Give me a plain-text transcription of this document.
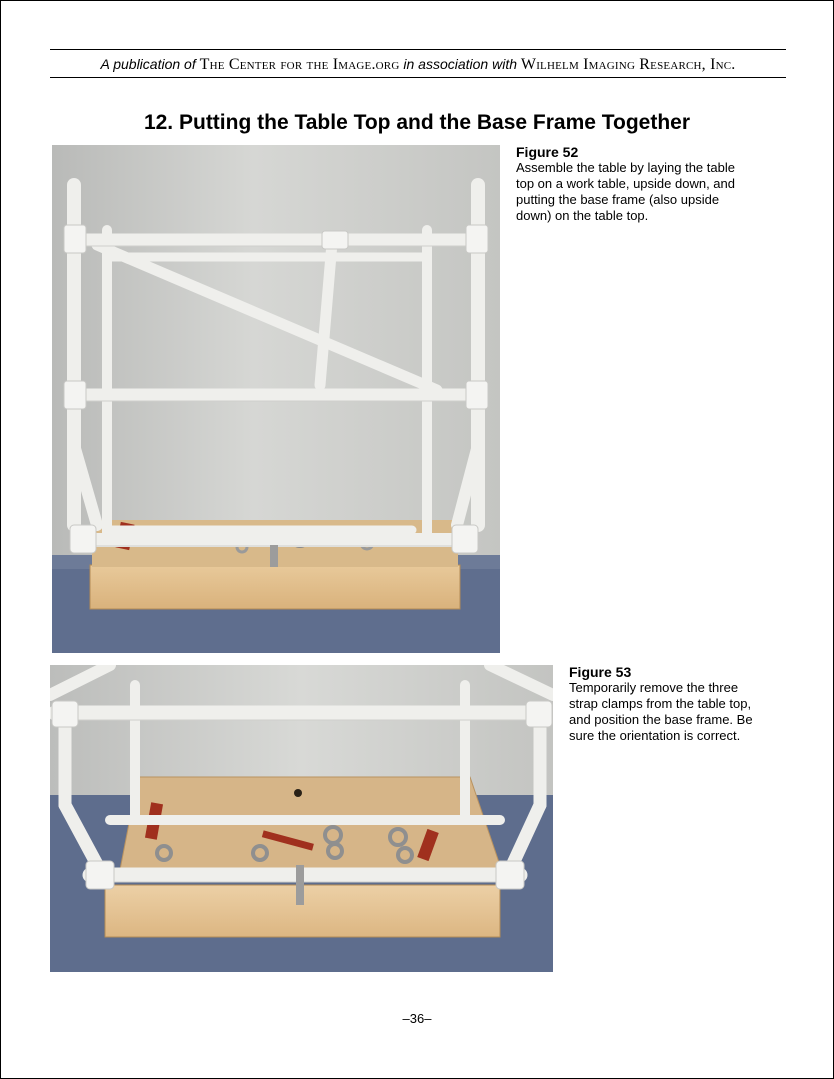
A publication of The Center for the Image.org in association with Wilhelm Imaging Research, Inc.
12. Putting the Table Top and the Base Frame Together
Figure 52
Assemble the table by laying the table top on a work table, upside down, and putting the base frame (also upside down) on the table top.
Figure 53
Temporarily remove the three strap clamps from the table top, and position the base frame. Be sure the orientation is correct.
–36–
